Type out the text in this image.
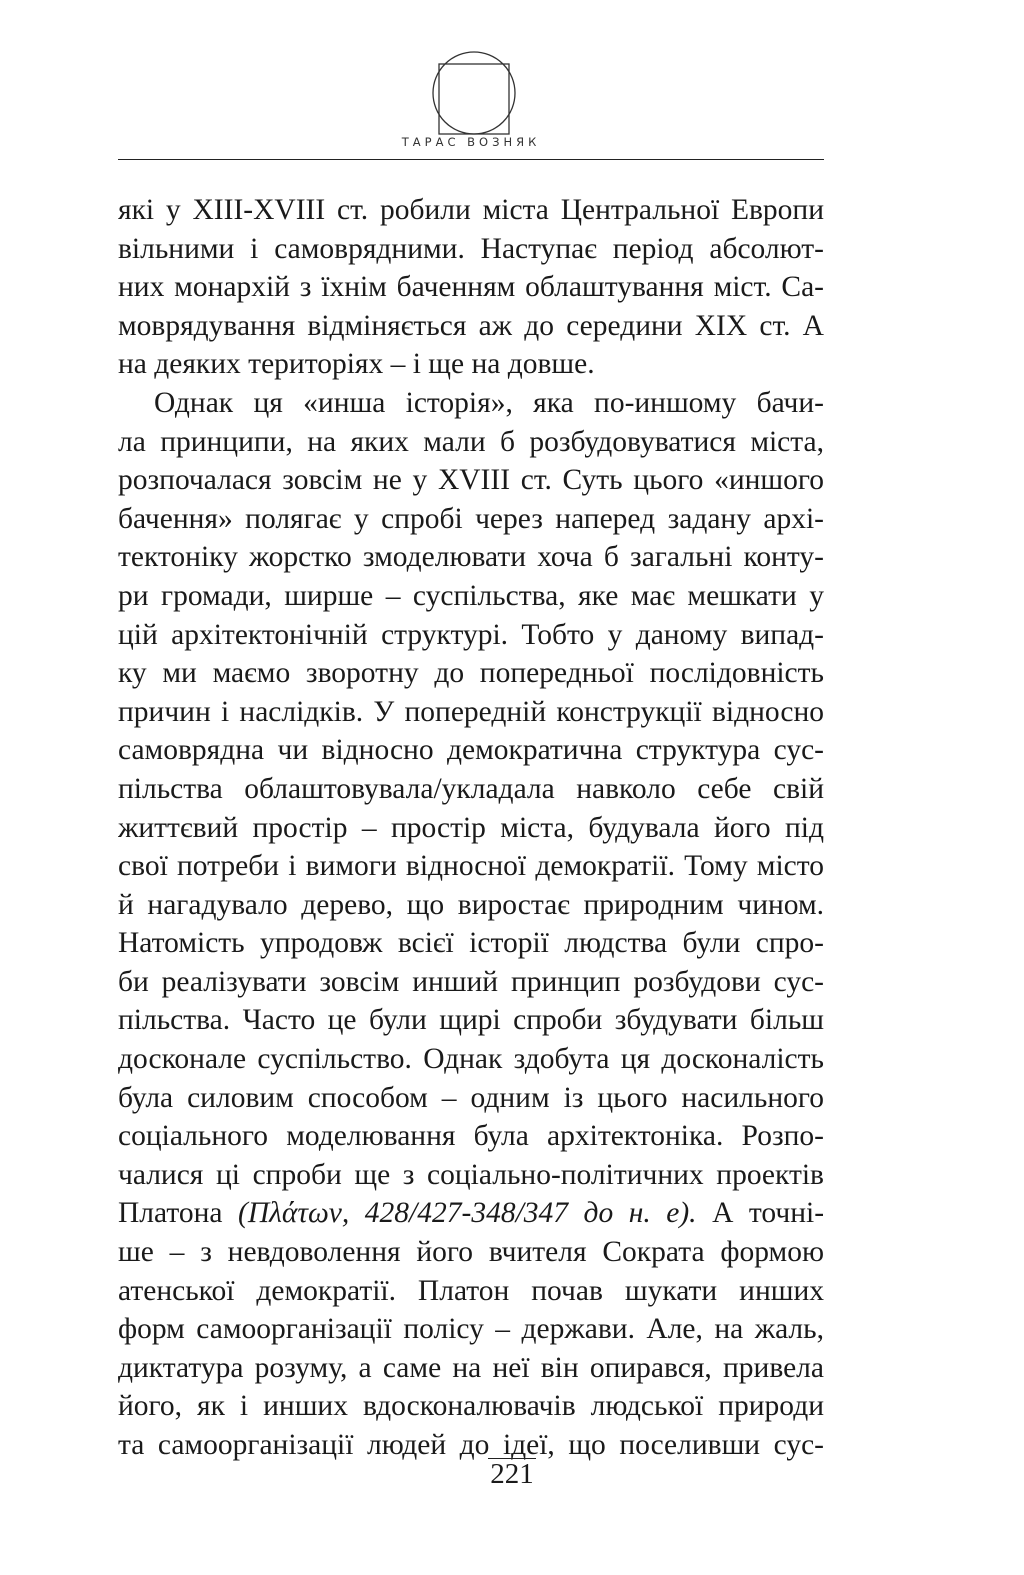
ТАРАС ВОЗНЯК
які у XIII-XVIII ст. робили міста Центральної Европи
вільними і самоврядними. Наступає період абсолют-
них монархій з їхнім баченням облаштування міст. Са-
моврядування відміняється аж до середини XIX ст. А
на деяких територіях – і ще на довше.
Однак ця «инша історія», яка по-иншому бачи-
ла принципи, на яких мали б розбудовуватися міста,
розпочалася зовсім не у XVIII ст. Суть цього «иншого
бачення» полягає у спробі через наперед задану архі-
тектоніку жорстко змоделювати хоча б загальні конту-
ри громади, ширше – суспільства, яке має мешкати у
цій архітектонічній структурі. Тобто у даному випад-
ку ми маємо зворотну до попередньої послідовність
причин і наслідків. У попередній конструкції відносно
самоврядна чи відносно демократична структура сус-
пільства облаштовувала/укладала навколо себе свій
життєвий простір – простір міста, будувала його під
свої потреби і вимоги відносної демократії. Тому місто
й нагадувало дерево, що виростає природним чином.
Натомість упродовж всієї історії людства були спро-
би реалізувати зовсім инший принцип розбудови сус-
пільства. Часто це були щирі спроби збудувати більш
досконале суспільство. Однак здобута ця досконалість
була силовим способом – одним із цього насильного
соціального моделювання була архітектоніка. Розпо-
чалися ці спроби ще з соціально-політичних проектів
Платона (Πλάτων, 428/427-348/347 до н. е). А точні-
ше – з невдоволення його вчителя Сократа формою
атенської демократії. Платон почав шукати инших
форм самоорганізації полісу – держави. Але, на жаль,
диктатура розуму, а саме на неї він опирався, привела
його, як і инших вдосконалювачів людської природи
та самоорганізації людей до ідеї, що поселивши сус-
221
